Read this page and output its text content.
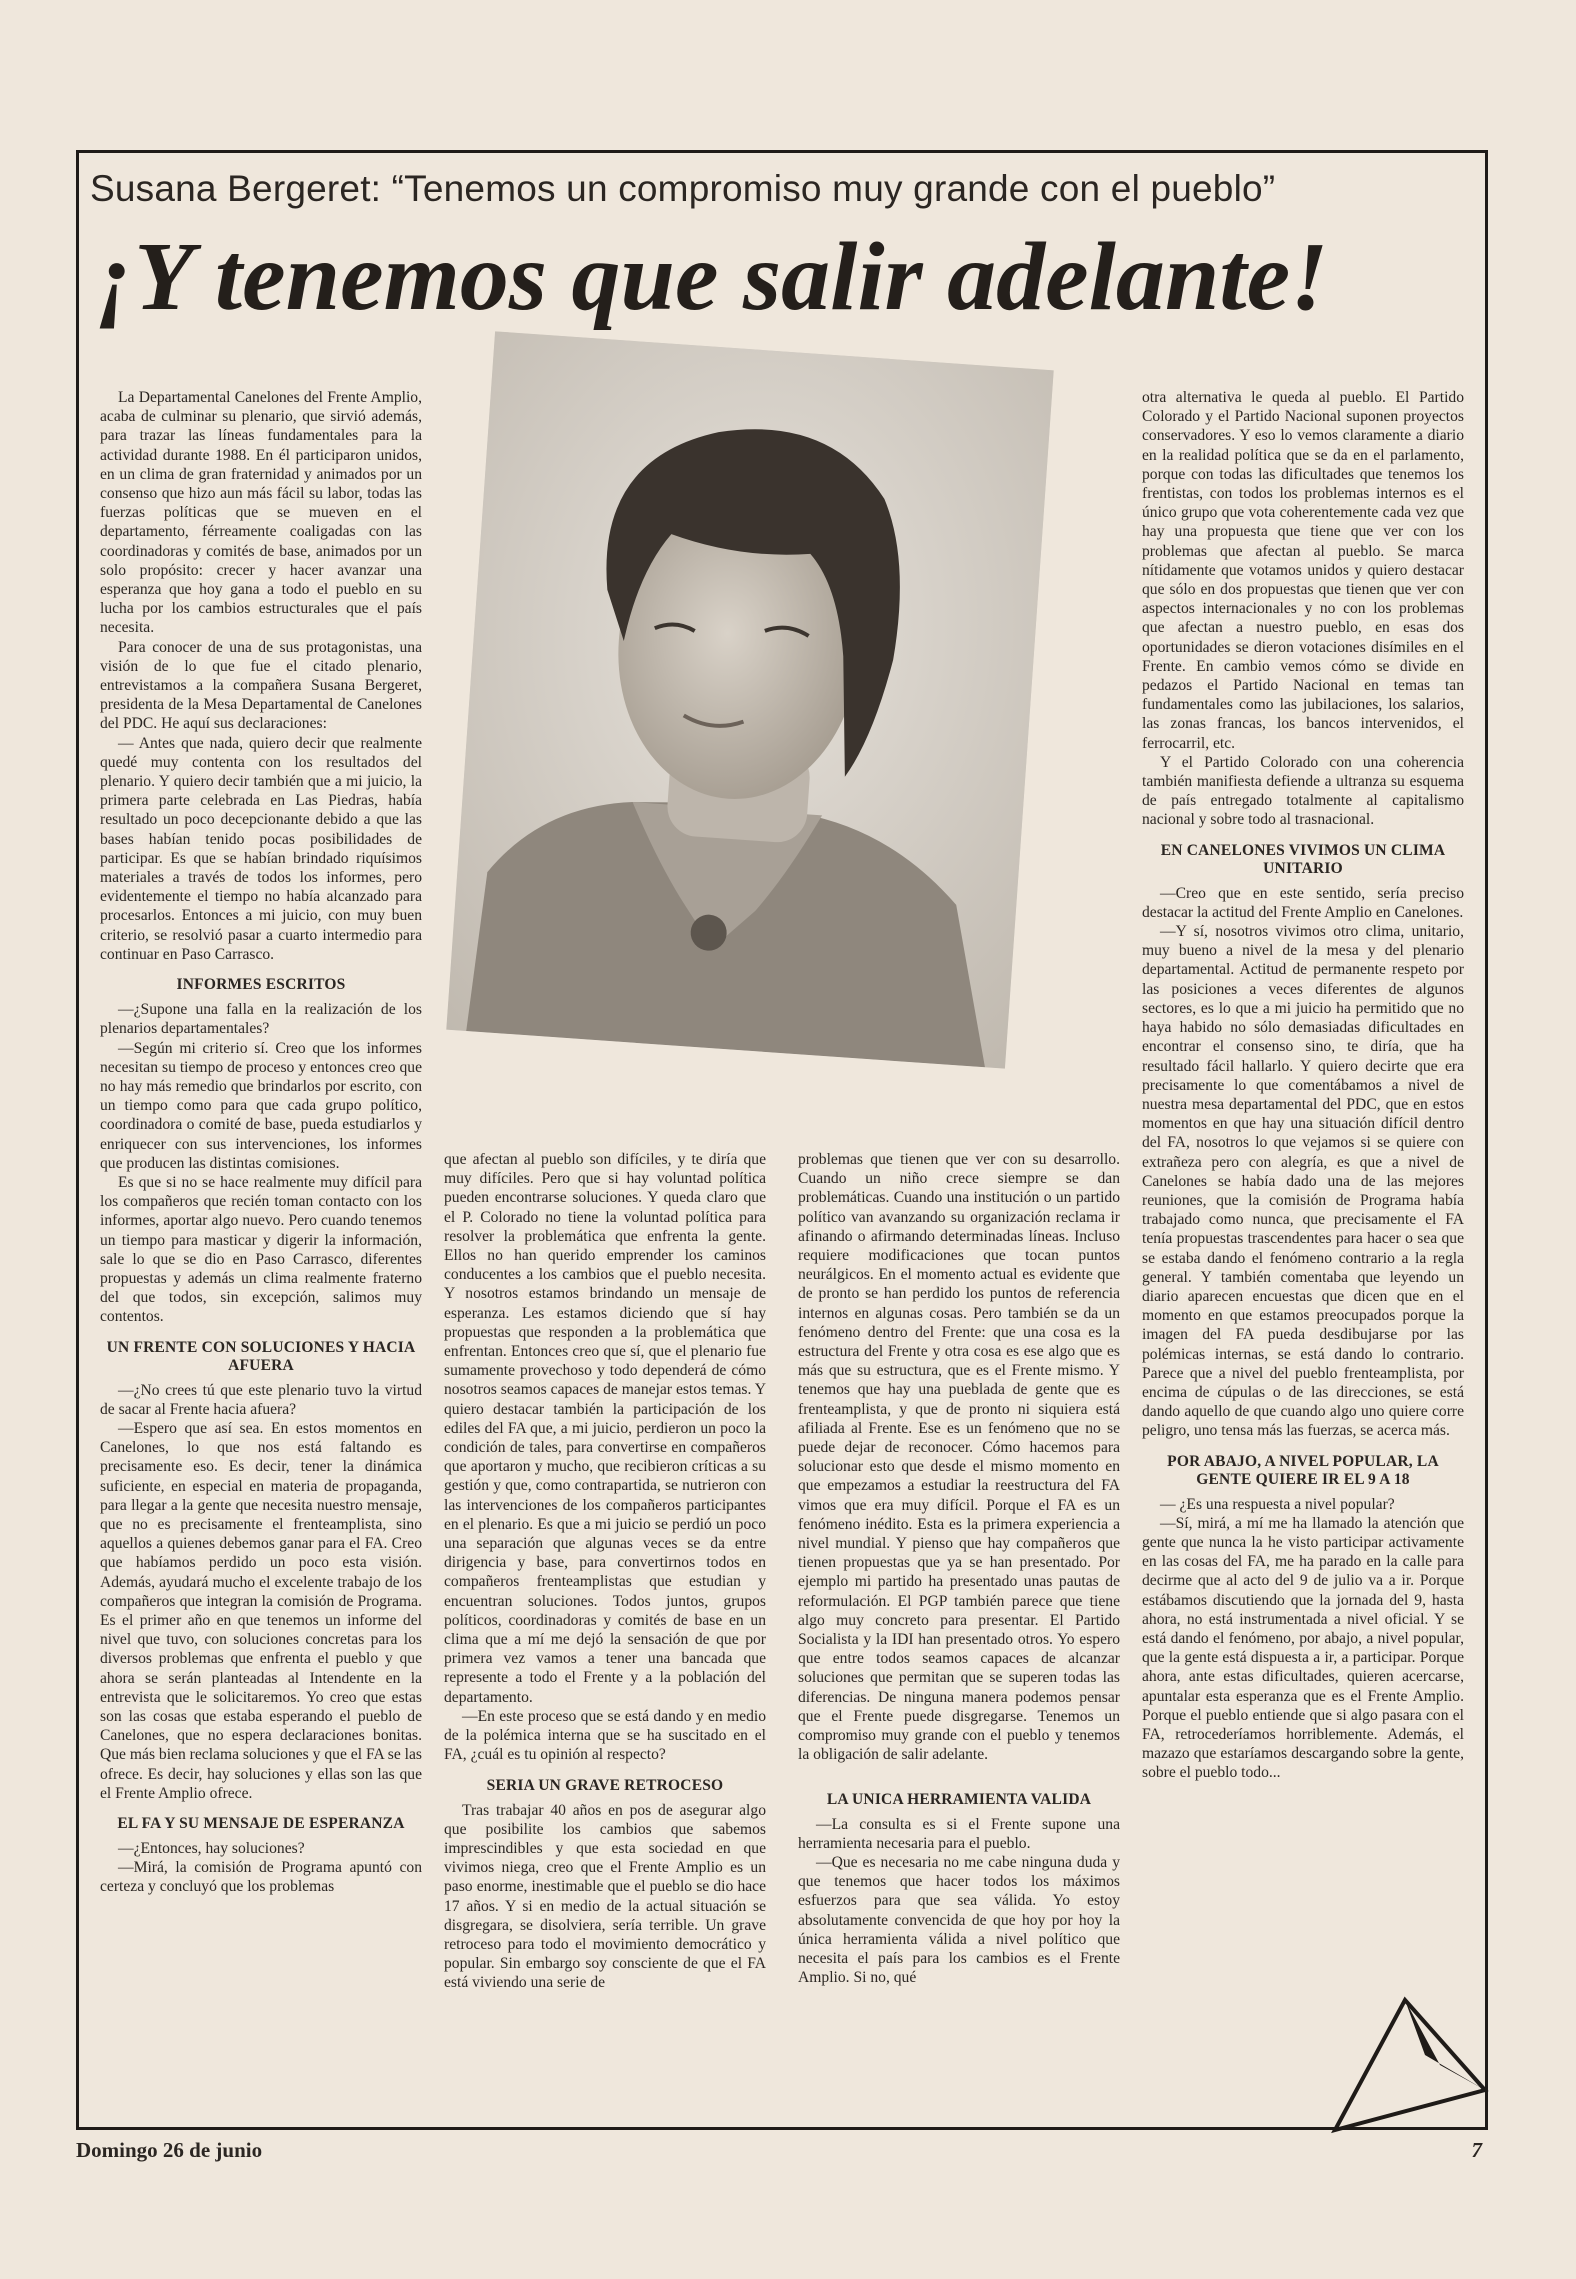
Susana Bergeret: “Tenemos un compromiso muy grande con el pueblo”
¡Y tenemos que salir adelante!

La Departamental Canelones del Frente Amplio, acaba de culminar su plenario, que sirvió además, para trazar las líneas fundamentales para la actividad durante 1988. En él participaron unidos, en un clima de gran fraternidad y animados por un consenso que hizo aun más fácil su labor, todas las fuerzas políticas que se mueven en el departamento, férreamente coaligadas con las coordinadoras y comités de base, animados por un solo propósito: crecer y hacer avanzar una esperanza que hoy gana a todo el pueblo en su lucha por los cambios estructurales que el país necesita.

Para conocer de una de sus protagonistas, una visión de lo que fue el citado plenario, entrevistamos a la compañera Susana Bergeret, presidenta de la Mesa Departamental de Canelones del PDC. He aquí sus declaraciones:

— Antes que nada, quiero decir que realmente quedé muy contenta con los resultados del plenario. Y quiero decir también que a mi juicio, la primera parte celebrada en Las Piedras, había resultado un poco decepcionante debido a que las bases habían tenido pocas posibilidades de participar. Es que se habían brindado riquísimos materiales a través de todos los informes, pero evidentemente el tiempo no había alcanzado para procesarlos. Entonces a mi juicio, con muy buen criterio, se resolvió pasar a cuarto intermedio para continuar en Paso Carrasco.

INFORMES ESCRITOS

—¿Supone una falla en la realización de los plenarios departamentales?

—Según mi criterio sí. Creo que los informes necesitan su tiempo de proceso y entonces creo que no hay más remedio que brindarlos por escrito, con un tiempo como para que cada grupo político, coordinadora o comité de base, pueda estudiarlos y enriquecer con sus intervenciones, los informes que producen las distintas comisiones.

Es que si no se hace realmente muy difícil para los compañeros que recién toman contacto con los informes, aportar algo nuevo. Pero cuando tenemos un tiempo para masticar y digerir la información, sale lo que se dio en Paso Carrasco, diferentes propuestas y además un clima realmente fraterno del que todos, sin excepción, salimos muy contentos.

UN FRENTE CON SOLUCIONES Y HACIA AFUERA

—¿No crees tú que este plenario tuvo la virtud de sacar al Frente hacia afuera?

—Espero que así sea. En estos momentos en Canelones, lo que nos está faltando es precisamente eso. Es decir, tener la dinámica suficiente, en especial en materia de propaganda, para llegar a la gente que necesita nuestro mensaje, que no es precisamente el frenteamplista, sino aquellos a quienes debemos ganar para el FA. Creo que habíamos perdido un poco esta visión. Además, ayudará mucho el excelente trabajo de los compañeros que integran la comisión de Programa. Es el primer año en que tenemos un informe del nivel que tuvo, con soluciones concretas para los diversos problemas que enfrenta el pueblo y que ahora se serán planteadas al Intendente en la entrevista que le solicitaremos. Yo creo que estas son las cosas que estaba esperando el pueblo de Canelones, que no espera declaraciones bonitas. Que más bien reclama soluciones y que el FA se las ofrece. Es decir, hay soluciones y ellas son las que el Frente Amplio ofrece.

EL FA Y SU MENSAJE DE ESPERANZA

—¿Entonces, hay soluciones?

—Mirá, la comisión de Programa apuntó con certeza y concluyó que los problemas

que afectan al pueblo son difíciles, y te diría que muy difíciles. Pero que si hay voluntad política pueden encontrarse soluciones. Y queda claro que el P. Colorado no tiene la voluntad política para resolver la problemática que enfrenta la gente. Ellos no han querido emprender los caminos conducentes a los cambios que el pueblo necesita. Y nosotros estamos brindando un mensaje de esperanza. Les estamos diciendo que sí hay propuestas que responden a la problemática que enfrentan. Entonces creo que sí, que el plenario fue sumamente provechoso y todo dependerá de cómo nosotros seamos capaces de manejar estos temas. Y quiero destacar también la participación de los ediles del FA que, a mi juicio, perdieron un poco la condición de tales, para convertirse en compañeros que aportaron y mucho, que recibieron críticas a su gestión y que, como contrapartida, se nutrieron con las intervenciones de los compañeros participantes en el plenario. Es que a mi juicio se perdió un poco una separación que algunas veces se da entre dirigencia y base, para convertirnos todos en compañeros frenteamplistas que estudian y encuentran soluciones. Todos juntos, grupos políticos, coordinadoras y comités de base en un clima que a mí me dejó la sensación de que por primera vez vamos a tener una bancada que represente a todo el Frente y a la población del departamento.

—En este proceso que se está dando y en medio de la polémica interna que se ha suscitado en el FA, ¿cuál es tu opinión al respecto?

SERIA UN GRAVE RETROCESO

Tras trabajar 40 años en pos de asegurar algo que posibilite los cambios que sabemos imprescindibles y que esta sociedad en que vivimos niega, creo que el Frente Amplio es un paso enorme, inestimable que el pueblo se dio hace 17 años. Y si en medio de la actual situación se disgregara, se disolviera, sería terrible. Un grave retroceso para todo el movimiento democrático y popular. Sin embargo soy consciente de que el FA está viviendo una serie de

problemas que tienen que ver con su desarrollo. Cuando un niño crece siempre se dan problemáticas. Cuando una institución o un partido político van avanzando su organización reclama ir afinando o afirmando determinadas líneas. Incluso requiere modificaciones que tocan puntos neurálgicos. En el momento actual es evidente que de pronto se han perdido los puntos de referencia internos en algunas cosas. Pero también se da un fenómeno dentro del Frente: que una cosa es la estructura del Frente y otra cosa es ese algo que es más que su estructura, que es el Frente mismo. Y tenemos que hay una pueblada de gente que es frenteamplista, y que de pronto ni siquiera está afiliada al Frente. Ese es un fenómeno que no se puede dejar de reconocer. Cómo hacemos para solucionar esto que desde el mismo momento en que empezamos a estudiar la reestructura del FA vimos que era muy difícil. Porque el FA es un fenómeno inédito. Esta es la primera experiencia a nivel mundial. Y pienso que hay compañeros que tienen propuestas que ya se han presentado. Por ejemplo mi partido ha presentado unas pautas de reformulación. El PGP también parece que tiene algo muy concreto para presentar. El Partido Socialista y la IDI han presentado otros. Yo espero que entre todos seamos capaces de alcanzar soluciones que permitan que se superen todas las diferencias. De ninguna manera podemos pensar que el Frente puede disgregarse. Tenemos un compromiso muy grande con el pueblo y tenemos la obligación de salir adelante.

LA UNICA HERRAMIENTA VALIDA

—La consulta es si el Frente supone una herramienta necesaria para el pueblo.

—Que es necesaria no me cabe ninguna duda y que tenemos que hacer todos los máximos esfuerzos para que sea válida. Yo estoy absolutamente convencida de que hoy por hoy la única herramienta válida a nivel político que necesita el país para los cambios es el Frente Amplio. Si no, qué

otra alternativa le queda al pueblo. El Partido Colorado y el Partido Nacional suponen proyectos conservadores. Y eso lo vemos claramente a diario en la realidad política que se da en el parlamento, porque con todas las dificultades que tenemos los frentistas, con todos los problemas internos es el único grupo que vota coherentemente cada vez que hay una propuesta que tiene que ver con los problemas que afectan al pueblo. Se marca nítidamente que votamos unidos y quiero destacar que sólo en dos propuestas que tienen que ver con aspectos internacionales y no con los problemas que afectan a nuestro pueblo, en esas dos oportunidades se dieron votaciones disímiles en el Frente. En cambio vemos cómo se divide en pedazos el Partido Nacional en temas tan fundamentales como las jubilaciones, los salarios, las zonas francas, los bancos intervenidos, el ferrocarril, etc.

Y el Partido Colorado con una coherencia también manifiesta defiende a ultranza su esquema de país entregado totalmente al capitalismo nacional y sobre todo al trasnacional.

EN CANELONES VIVIMOS UN CLIMA UNITARIO

—Creo que en este sentido, sería preciso destacar la actitud del Frente Amplio en Canelones.

—Y sí, nosotros vivimos otro clima, unitario, muy bueno a nivel de la mesa y del plenario departamental. Actitud de permanente respeto por las posiciones a veces diferentes de algunos sectores, es lo que a mi juicio ha permitido que no haya habido no sólo demasiadas dificultades en encontrar el consenso sino, te diría, que ha resultado fácil hallarlo. Y quiero decirte que era precisamente lo que comentábamos a nivel de nuestra mesa departamental del PDC, que en estos momentos en que hay una situación difícil dentro del FA, nosotros lo que vejamos si se quiere con extrañeza pero con alegría, es que a nivel de Canelones se había dado una de las mejores reuniones, que la comisión de Programa había trabajado como nunca, que precisamente el FA tenía propuestas trascendentes para hacer o sea que se estaba dando el fenómeno contrario a la regla general. Y también comentaba que leyendo un diario aparecen encuestas que dicen que en el momento en que estamos preocupados porque la imagen del FA pueda desdibujarse por las polémicas internas, se está dando lo contrario. Parece que a nivel del pueblo frenteamplista, por encima de cúpulas o de las direcciones, se está dando aquello de que cuando algo uno quiere corre peligro, uno tensa más las fuerzas, se acerca más.

POR ABAJO, A NIVEL POPULAR, LA GENTE QUIERE IR EL 9 A 18

— ¿Es una respuesta a nivel popular?

—Sí, mirá, a mí me ha llamado la atención que gente que nunca la he visto participar activamente en las cosas del FA, me ha parado en la calle para decirme que al acto del 9 de julio va a ir. Porque estábamos discutiendo que la jornada del 9, hasta ahora, no está instrumentada a nivel oficial. Y se está dando el fenómeno, por abajo, a nivel popular, que la gente está dispuesta a ir, a participar. Porque ahora, ante estas dificultades, quieren acercarse, apuntalar esta esperanza que es el Frente Amplio. Porque el pueblo entiende que si algo pasara con el FA, retrocederíamos horriblemente. Además, el mazazo que estaríamos descargando sobre la gente, sobre el pueblo todo...

Domingo 26 de junio	7
